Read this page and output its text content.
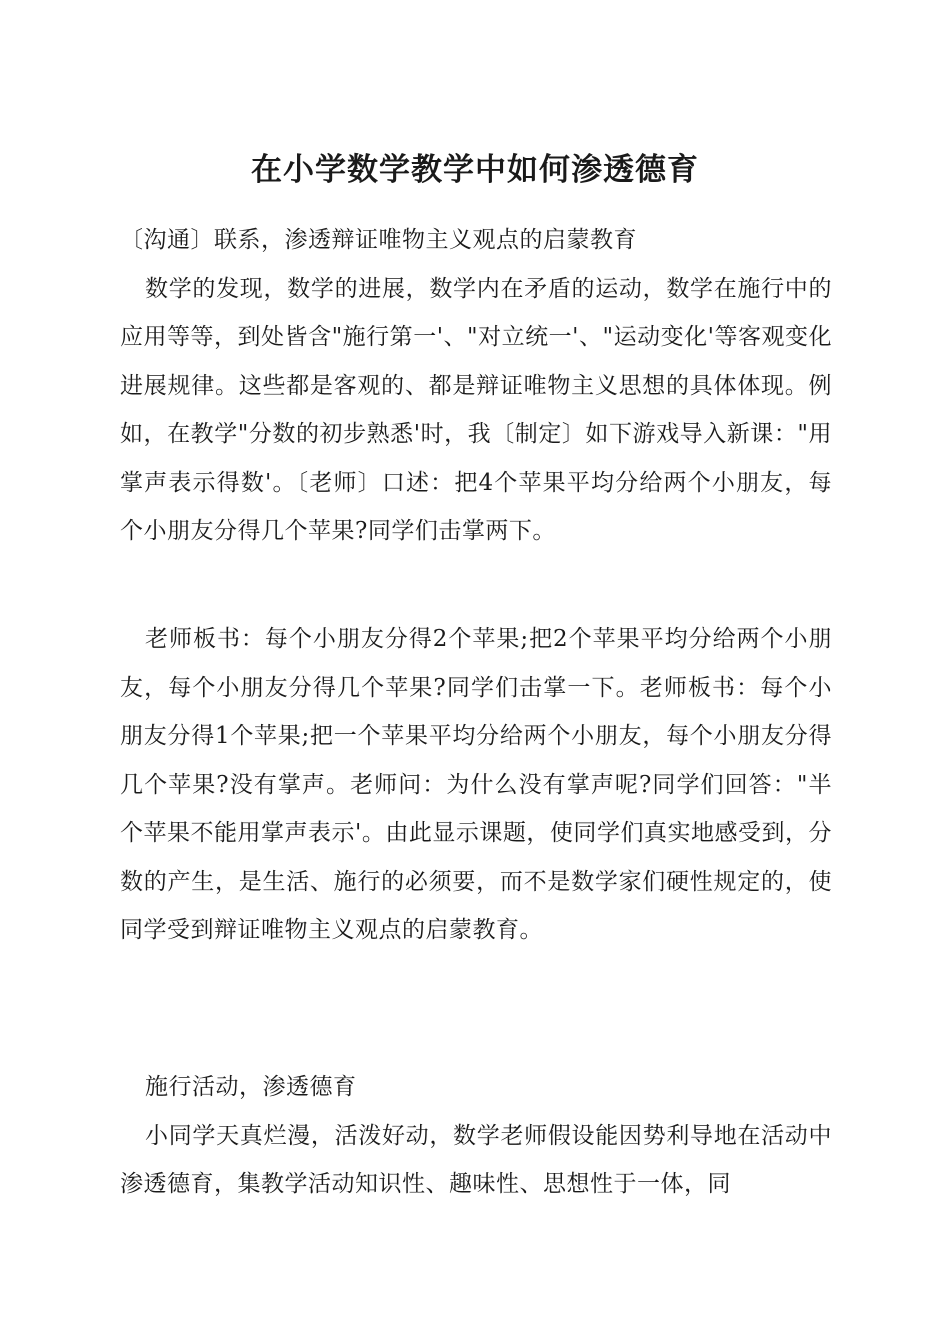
在小学数学教学中如何渗透德育

〔沟通〕联系，渗透辩证唯物主义观点的启蒙教育

数学的发现，数学的进展，数学内在矛盾的运动，数学在施行中的应用等等，到处皆含"施行第一'、"对立统一'、"运动变化'等客观变化进展规律。这些都是客观的、都是辩证唯物主义思想的具体体现。例如，在教学"分数的初步熟悉'时，我〔制定〕如下游戏导入新课："用掌声表示得数'。〔老师〕口述：把4个苹果平均分给两个小朋友，每个小朋友分得几个苹果?同学们击掌两下。

老师板书：每个小朋友分得2个苹果;把2个苹果平均分给两个小朋友，每个小朋友分得几个苹果?同学们击掌一下。老师板书：每个小朋友分得1个苹果;把一个苹果平均分给两个小朋友，每个小朋友分得几个苹果?没有掌声。老师问：为什么没有掌声呢?同学们回答："半个苹果不能用掌声表示'。由此显示课题，使同学们真实地感受到，分数的产生，是生活、施行的必须要，而不是数学家们硬性规定的，使同学受到辩证唯物主义观点的启蒙教育。

施行活动，渗透德育

小同学天真烂漫，活泼好动，数学老师假设能因势利导地在活动中渗透德育，集教学活动知识性、趣味性、思想性于一体，同
